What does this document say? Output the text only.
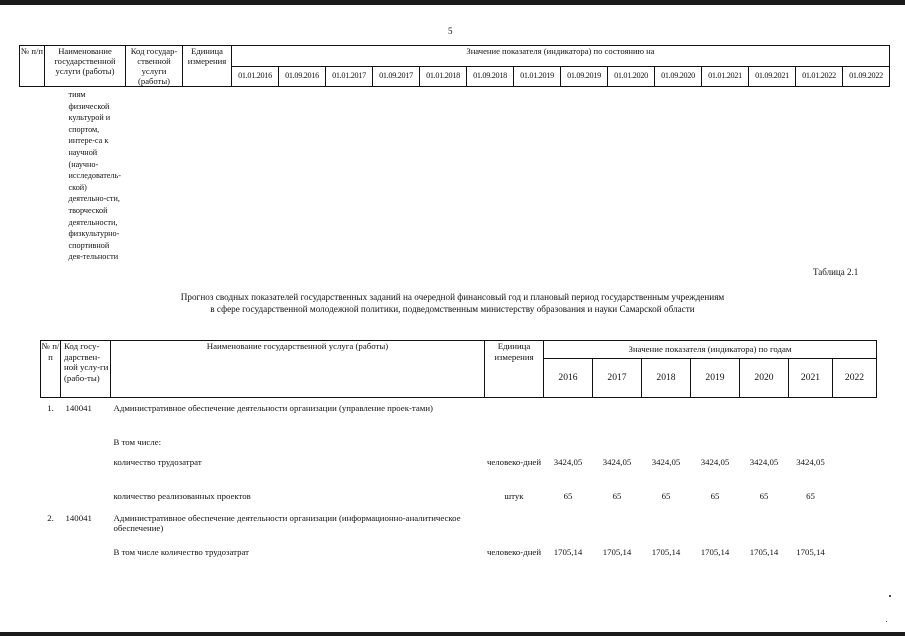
5
№ п/п	Наименование государственной услуги (работы)	Код государ-ственной услуги (работы)	Единица измерения	Значение показателя (индикатора) по состоянию на													
				01.01.2016	01.09.2016	01.01.2017	01.09.2017	01.01.2018	01.09.2018	01.01.2019	01.09.2019	01.01.2020	01.09.2020	01.01.2021	01.09.2021	01.01.2022	01.09.2022
	тиям физической культурой и спортом, интере-са к научной (научно-исследователь-ской) деятельно-сти, творческой деятельности, физкультурно-спортивной дея-тельности																
Таблица 2.1
Прогноз сводных показателей государственных заданий на очередной финансовый год и плановый период государственным учреждениям
в сфере государственной молодежной политики, подведомственным министерству образования и науки Самарской области
№ п/п	Код госу-дарствен-ной услу-ги (рабо-ты)	Наименование государственной услуга (работы)	Единица измерения	Значение показателя (индикатора) по годам						
				2016	2017	2018	2019	2020	2021	2022
1.	140041	Административное обеспечение деятельности организации (управление проек-тами)								
		В том числе:								
		количество трудозатрат	человеко-дней	3424,05	3424,05	3424,05	3424,05	3424,05	3424,05	
		количество реализованных проектов	штук	65	65	65	65	65	65	
2.	140041	Административное обеспечение деятельности организации (информационно-аналитическое обеспечение)								
		В том числе количество трудозатрат	человеко-дней	1705,14	1705,14	1705,14	1705,14	1705,14	1705,14	
